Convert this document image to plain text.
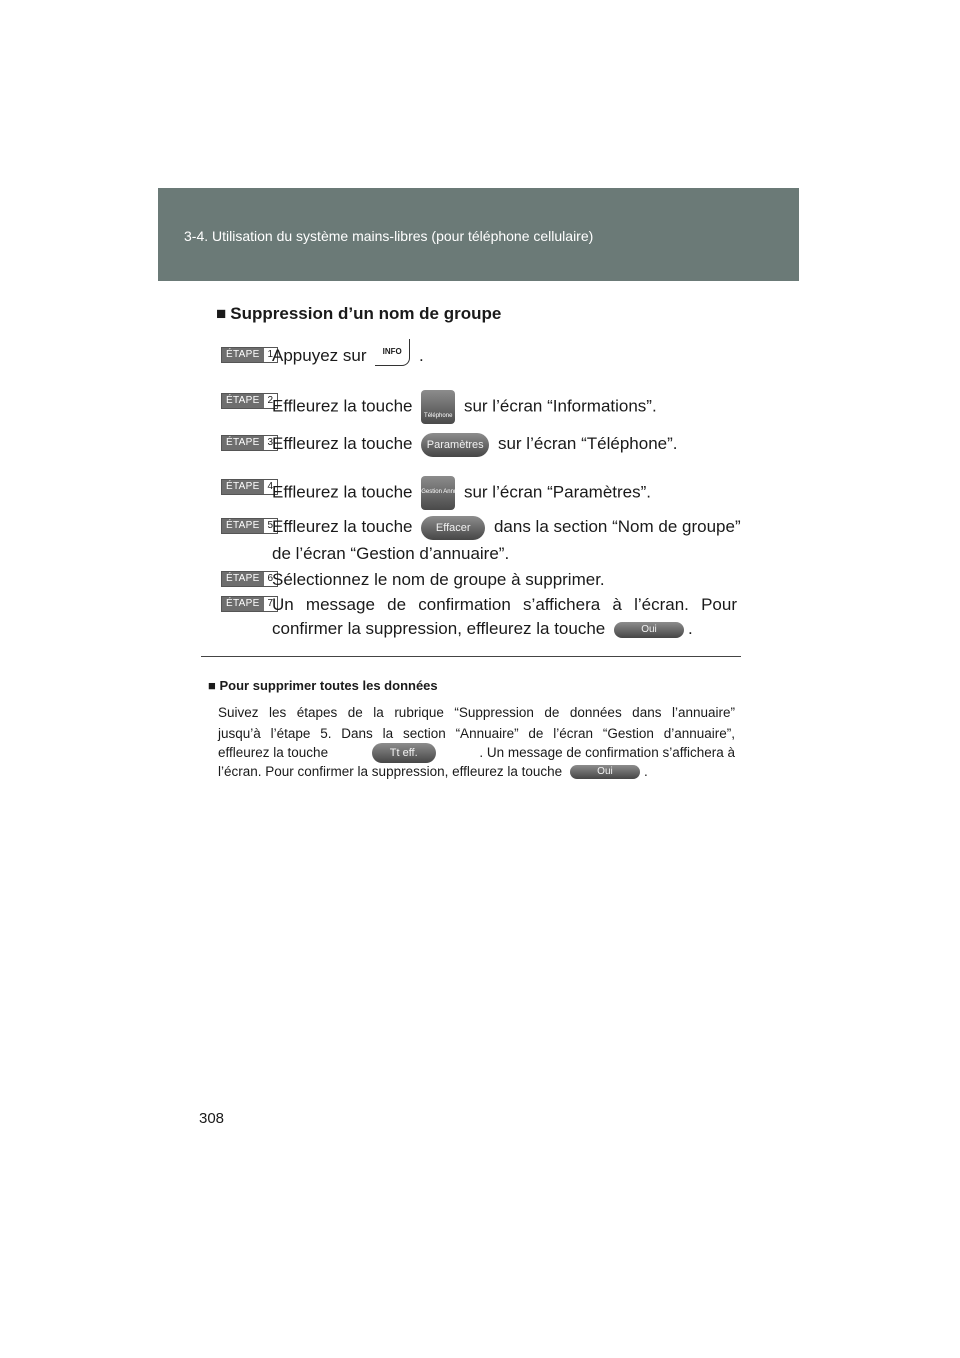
3-4. Utilisation du système mains-libres (pour téléphone cellulaire)
■ Suppression d’un nom de groupe
ÉTAPE 1
Appuyez sur INFO .
ÉTAPE 2
Effleurez la touche Téléphone sur l’écran “Informations”.
ÉTAPE 3
Effleurez la touche Paramètres sur l’écran “Téléphone”.
ÉTAPE 4
Effleurez la touche Gestion Annuaire sur l’écran “Paramètres”.
ÉTAPE 5
Effleurez la touche Effacer dans la section “Nom de groupe”
de l’écran “Gestion d’annuaire”.
ÉTAPE 6
Sélectionnez le nom de groupe à supprimer.
ÉTAPE 7
Un message de confirmation s’affichera à l’écran. Pour
confirmer la suppression, effleurez la touche	Oui .
■ Pour supprimer toutes les données
Suivez les étapes de la rubrique “Suppression de données dans l’annuaire”
jusqu’à l’étape 5. Dans la section “Annuaire” de l’écran “Gestion d’annuaire”,
effleurez la touche	Tt eff.	. Un message de confirmation s’affichera à
l’écran. Pour confirmer la suppression, effleurez la touche	Oui .
308
